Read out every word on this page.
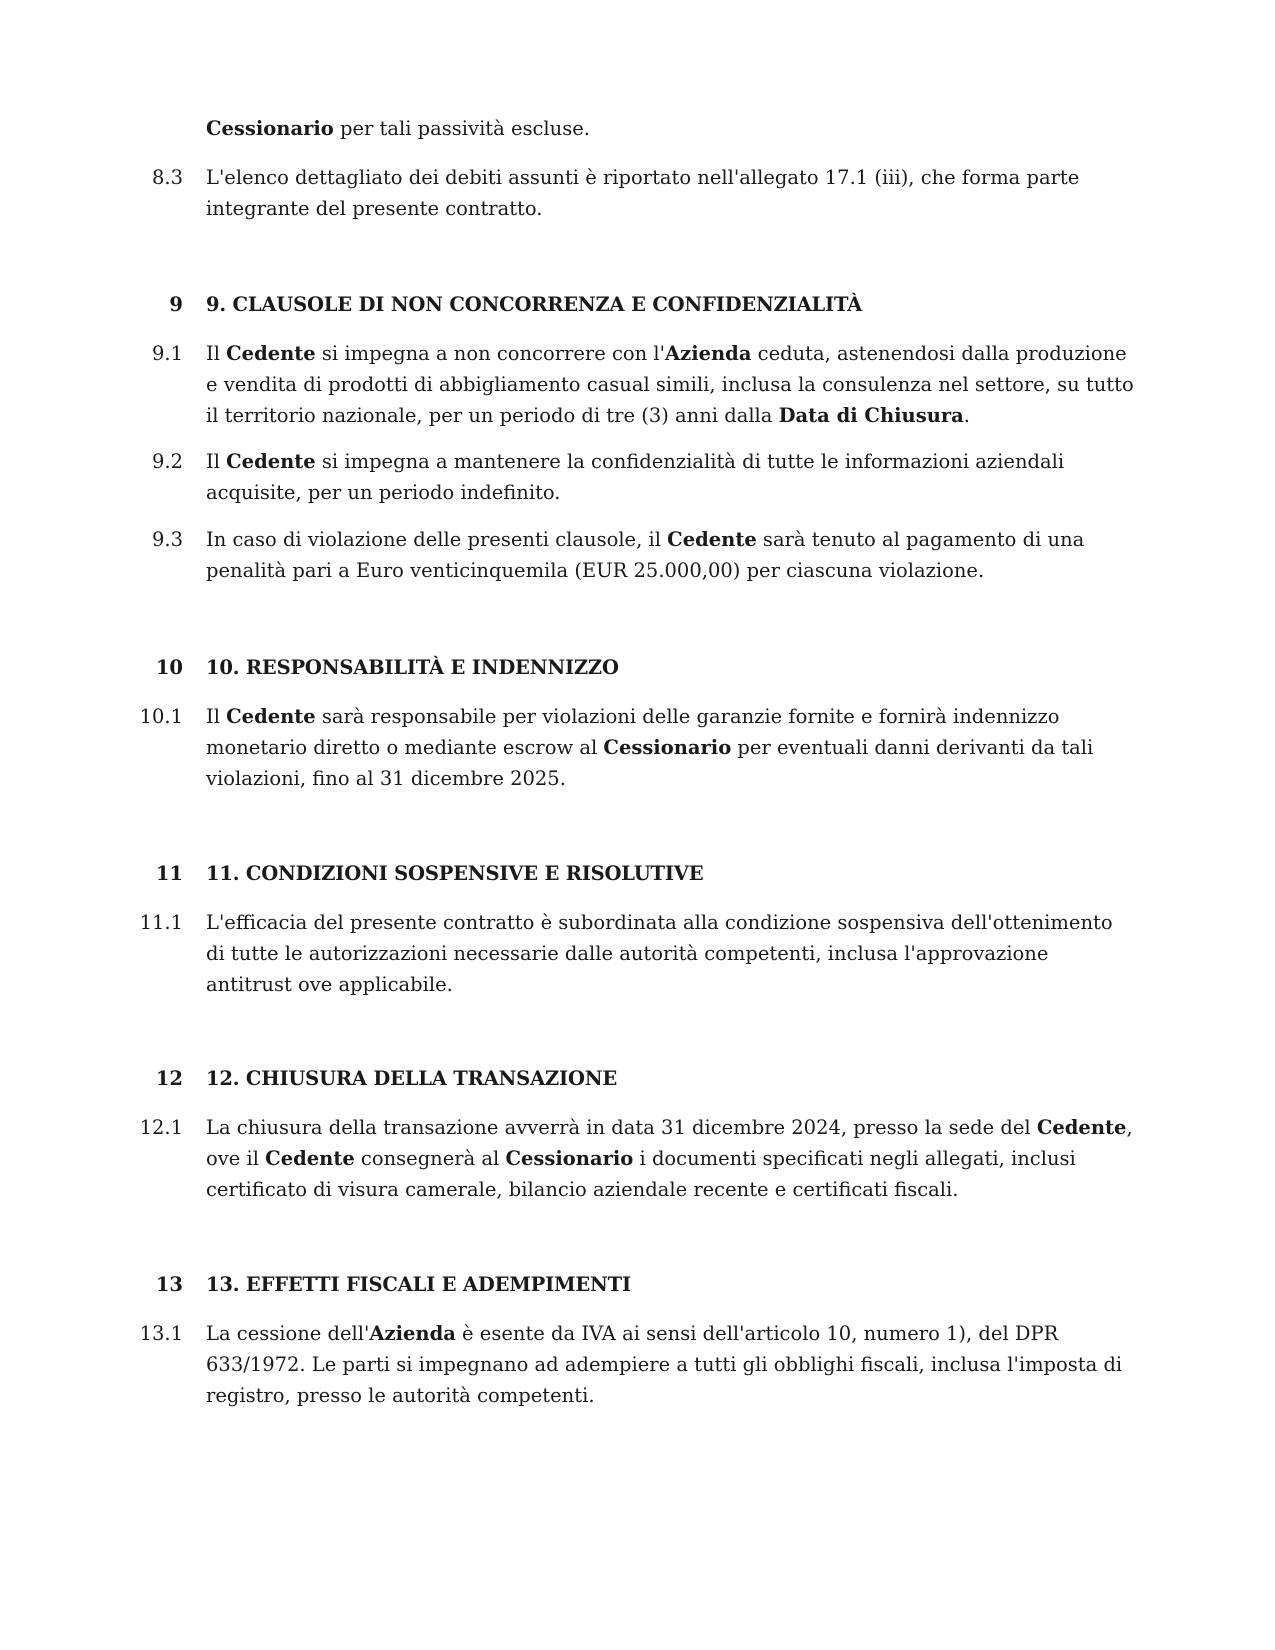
Cessionario per tali passività escluse.
8.3 L'elenco dettagliato dei debiti assunti è riportato nell'allegato 17.1 (iii), che forma parte integrante del presente contratto.
9 9. CLAUSOLE DI NON CONCORRENZA E CONFIDENZIALITÀ
9.1 Il Cedente si impegna a non concorrere con l'Azienda ceduta, astenendosi dalla produzione e vendita di prodotti di abbigliamento casual simili, inclusa la consulenza nel settore, su tutto il territorio nazionale, per un periodo di tre (3) anni dalla Data di Chiusura.
9.2 Il Cedente si impegna a mantenere la confidenzialità di tutte le informazioni aziendali acquisite, per un periodo indefinito.
9.3 In caso di violazione delle presenti clausole, il Cedente sarà tenuto al pagamento di una penalità pari a Euro venticinquemila (EUR 25.000,00) per ciascuna violazione.
10 10. RESPONSABILITÀ E INDENNIZZO
10.1 Il Cedente sarà responsabile per violazioni delle garanzie fornite e fornirà indennizzo monetario diretto o mediante escrow al Cessionario per eventuali danni derivanti da tali violazioni, fino al 31 dicembre 2025.
11 11. CONDIZIONI SOSPENSIVE E RISOLUTIVE
11.1 L'efficacia del presente contratto è subordinata alla condizione sospensiva dell'ottenimento di tutte le autorizzazioni necessarie dalle autorità competenti, inclusa l'approvazione antitrust ove applicabile.
12 12. CHIUSURA DELLA TRANSAZIONE
12.1 La chiusura della transazione avverrà in data 31 dicembre 2024, presso la sede del Cedente, ove il Cedente consegnerà al Cessionario i documenti specificati negli allegati, inclusi certificato di visura camerale, bilancio aziendale recente e certificati fiscali.
13 13. EFFETTI FISCALI E ADEMPIMENTI
13.1 La cessione dell'Azienda è esente da IVA ai sensi dell'articolo 10, numero 1), del DPR 633/1972. Le parti si impegnano ad adempiere a tutti gli obblighi fiscali, inclusa l'imposta di registro, presso le autorità competenti.
